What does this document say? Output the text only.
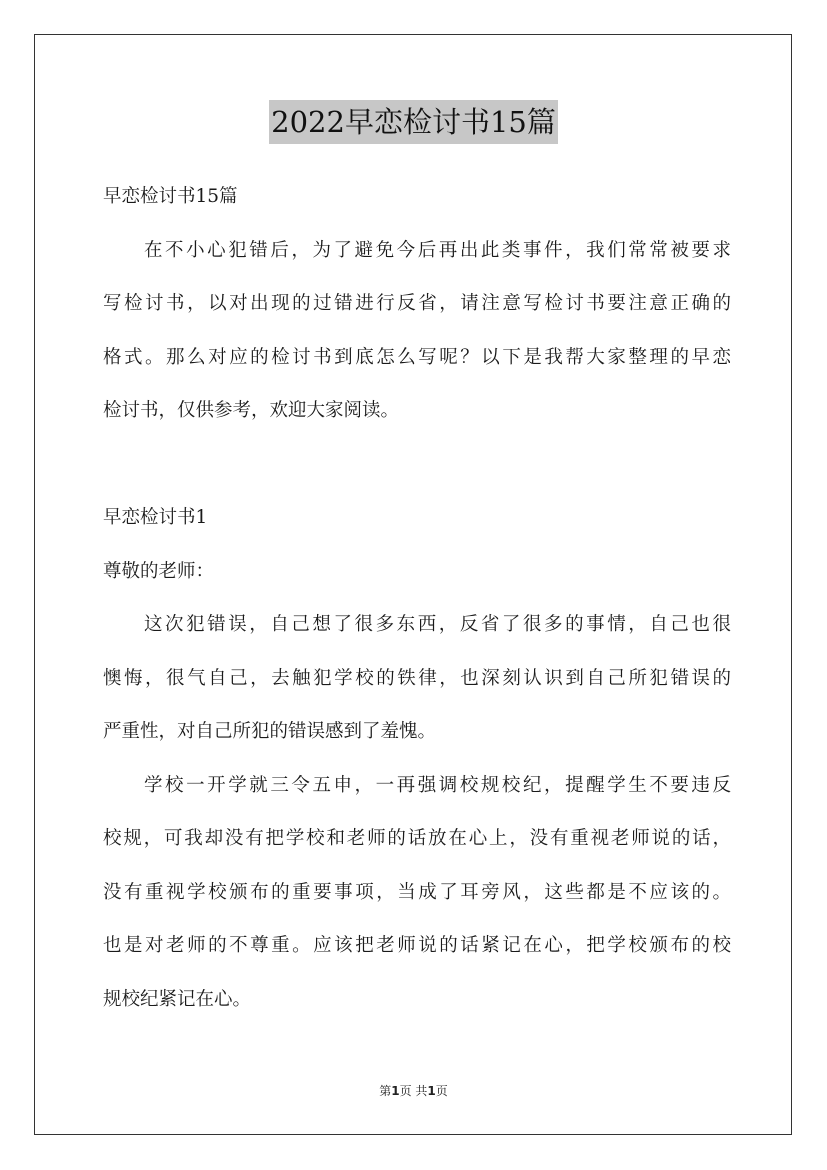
2022早恋检讨书15篇
早恋检讨书15篇
在不小心犯错后，为了避免今后再出此类事件，我们常常被要求
写检讨书，以对出现的过错进行反省，请注意写检讨书要注意正确的
格式。那么对应的检讨书到底怎么写呢？以下是我帮大家整理的早恋
检讨书，仅供参考，欢迎大家阅读。
早恋检讨书1
尊敬的老师：
这次犯错误，自己想了很多东西，反省了很多的事情，自己也很
懊悔，很气自己，去触犯学校的铁律，也深刻认识到自己所犯错误的
严重性，对自己所犯的错误感到了羞愧。
学校一开学就三令五申，一再强调校规校纪，提醒学生不要违反
校规，可我却没有把学校和老师的话放在心上，没有重视老师说的话，
没有重视学校颁布的重要事项，当成了耳旁风，这些都是不应该的。
也是对老师的不尊重。应该把老师说的话紧记在心，把学校颁布的校
规校纪紧记在心。
第1页 共1页
